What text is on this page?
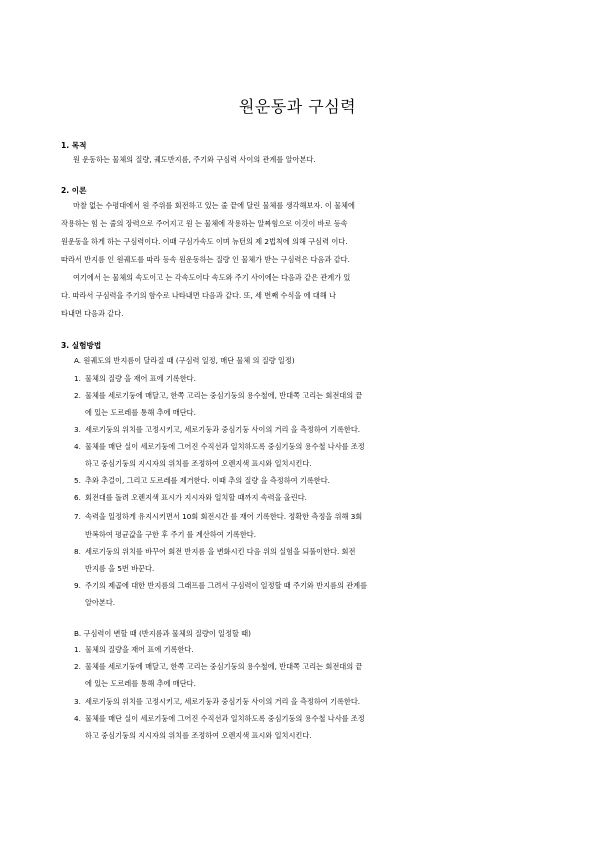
원운동과 구심력
1. 목적
원 운동하는 물체의 질량, 궤도반지름, 주기와 구심력 사이의 관계를 알아본다.
2. 이론
마찰 없는 수평대에서 원 주위를 회전하고 있는 줄 끝에 달린 물체를 생각해보자. 이 물체에
작용하는 힘 는 줄의 장력으로 주어지고 원 는 물체에 작용하는 알짜힘으로 이것이 바로 등속
원운동을 하게 하는 구심력이다. 이때 구심가속도 이며 뉴턴의 제 2법칙에 의해 구심력 이다.
따라서 반지름 인 원궤도를 따라 등속 원운동하는 질량 인 물체가 받는 구심력은 다음과 같다.
여기에서 는 물체의 속도이고 는 각속도이다 속도와 주기 사이에는 다음과 같은 관계가 있
다. 따라서 구심력을 주기의 함수로 나타내면 다음과 같다. 또, 세 번째 수식을 에 대해 나
타내면 다음과 같다.
3. 실험방법
A. 원궤도의 반지름이 달라질 때 (구심력 일정, 매단 물체 의 질량 일정)
1. 물체의 질량 을 재어 표에 기록한다.
2. 물체를 세로기둥에 매달고, 한쪽 고리는 중심기둥의 용수철에, 반대쪽 고리는 회전대의 끝
에 있는 도르레를 통해 추에 매단다.
3. 세로기둥의 위치를 고정시키고, 세로기둥과 중심기둥 사이의 거리 을 측정하여 기록한다.
4. 물체를 매단 실이 세로기둥에 그어진 수직선과 일치하도록 중심기둥의 용수철 나사를 조정
하고 중심기둥의 지시자의 위치를 조정하여 오렌지색 표시와 일치시킨다.
5. 추와 추걸이, 그리고 도르레를 제거한다. 이때 추의 질량 을 측정하여 기록한다.
6. 회전대를 돌려 오렌지색 표시가 지시자와 일치할 때까지 속력을 올린다.
7. 속력을 일정하게 유지시키면서 10회 회전시간 를 재어 기록한다. 정확한 측정을 위해 3회
반복하여 평균값을 구한 후 주기 를 계산하여 기록한다.
8. 세로기둥의 위치를 바꾸어 회전 반지름 을 변화시킨 다음 위의 실험을 되풀이한다. 회전
반지름 을 5번 바꾼다.
9. 주기의 제곱에 대한 반지름의 그래프를 그려서 구심력이 일정할 때 주기와 반지름의 관계를
알아본다.
B. 구심력이 변할 때 (반지름과 물체의 질량이 일정할 때)
1. 물체의 질량을 재어 표에 기록한다.
2. 물체를 세로기둥에 매달고, 한쪽 고리는 중심기둥의 용수철에, 반대쪽 고리는 회전대의 끝
에 있는 도르레를 통해 추에 매단다.
3. 세로기둥의 위치를 고정시키고, 세로기둥과 중심기둥 사이의 거리 을 측정하여 기록한다.
4. 물체를 매단 실이 세로기둥에 그어진 수직선과 일치하도록 중심기둥의 용수철 나사를 조정
하고 중심기둥의 지시자의 위치를 조정하여 오렌지색 표시와 일치시킨다.
